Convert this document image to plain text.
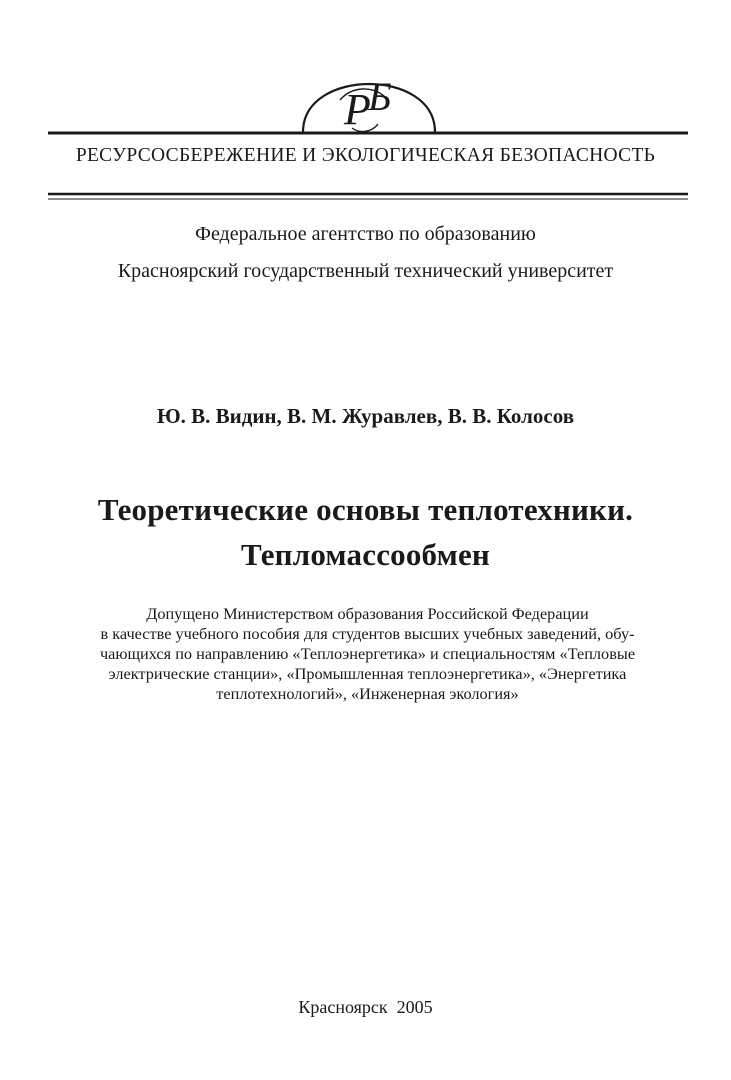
Р
Б
РЕСУРСОСБЕРЕЖЕНИЕ И ЭКОЛОГИЧЕСКАЯ БЕЗОПАСНОСТЬ
Федеральное агентство по образованию
Красноярский государственный технический университет
Ю. В. Видин, В. М. Журавлев, В. В. Колосов
Теоретические основы теплотехники.
Тепломассообмен
Допущено Министерством образования Российской Федерации
в качестве учебного пособия для студентов высших учебных заведений, обу-
чающихся по направлению «Теплоэнергетика» и специальностям «Тепловые
электрические станции», «Промышленная теплоэнергетика», «Энергетика
теплотехнологий», «Инженерная экология»
Красноярск  2005
